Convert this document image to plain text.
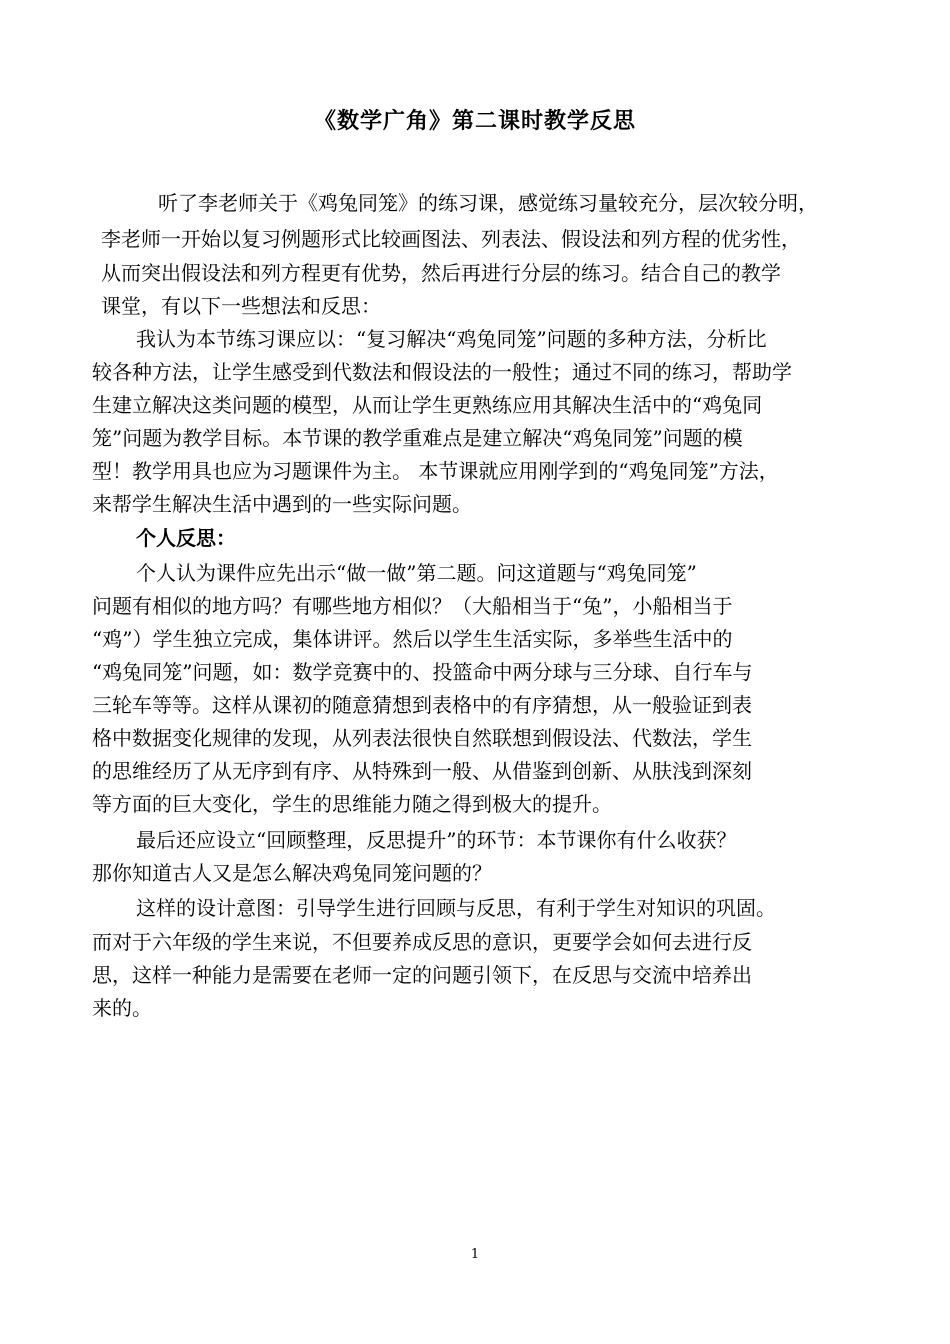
《数学广角》第二课时教学反思
听了李老师关于《鸡兔同笼》的练习课，感觉练习量较充分，层次较分明，
李老师一开始以复习例题形式比较画图法、列表法、假设法和列方程的优劣性，
从而突出假设法和列方程更有优势，然后再进行分层的练习。结合自己的教学
课堂，有以下一些想法和反思：
我认为本节练习课应以：“复习解决“鸡兔同笼”问题的多种方法，分析比
较各种方法，让学生感受到代数法和假设法的一般性；通过不同的练习，帮助学
生建立解决这类问题的模型，从而让学生更熟练应用其解决生活中的“鸡兔同
笼”问题为教学目标。本节课的教学重难点是建立解决“鸡兔同笼”问题的模
型！教学用具也应为习题课件为主。 本节课就应用刚学到的“鸡兔同笼”方法，
来帮学生解决生活中遇到的一些实际问题。
个人反思：
个人认为课件应先出示“做一做”第二题。问这道题与“鸡兔同笼”
问题有相似的地方吗？有哪些地方相似？（大船相当于“兔”，小船相当于
“鸡”）学生独立完成，集体讲评。然后以学生生活实际，多举些生活中的
“鸡兔同笼”问题，如：数学竞赛中的、投篮命中两分球与三分球、自行车与
三轮车等等。这样从课初的随意猜想到表格中的有序猜想，从一般验证到表
格中数据变化规律的发现，从列表法很快自然联想到假设法、代数法，学生
的思维经历了从无序到有序、从特殊到一般、从借鉴到创新、从肤浅到深刻
等方面的巨大变化，学生的思维能力随之得到极大的提升。
最后还应设立“回顾整理，反思提升”的环节：本节课你有什么收获？
那你知道古人又是怎么解决鸡兔同笼问题的？
这样的设计意图：引导学生进行回顾与反思，有利于学生对知识的巩固。
而对于六年级的学生来说，不但要养成反思的意识，更要学会如何去进行反
思，这样一种能力是需要在老师一定的问题引领下，在反思与交流中培养出
来的。
1
